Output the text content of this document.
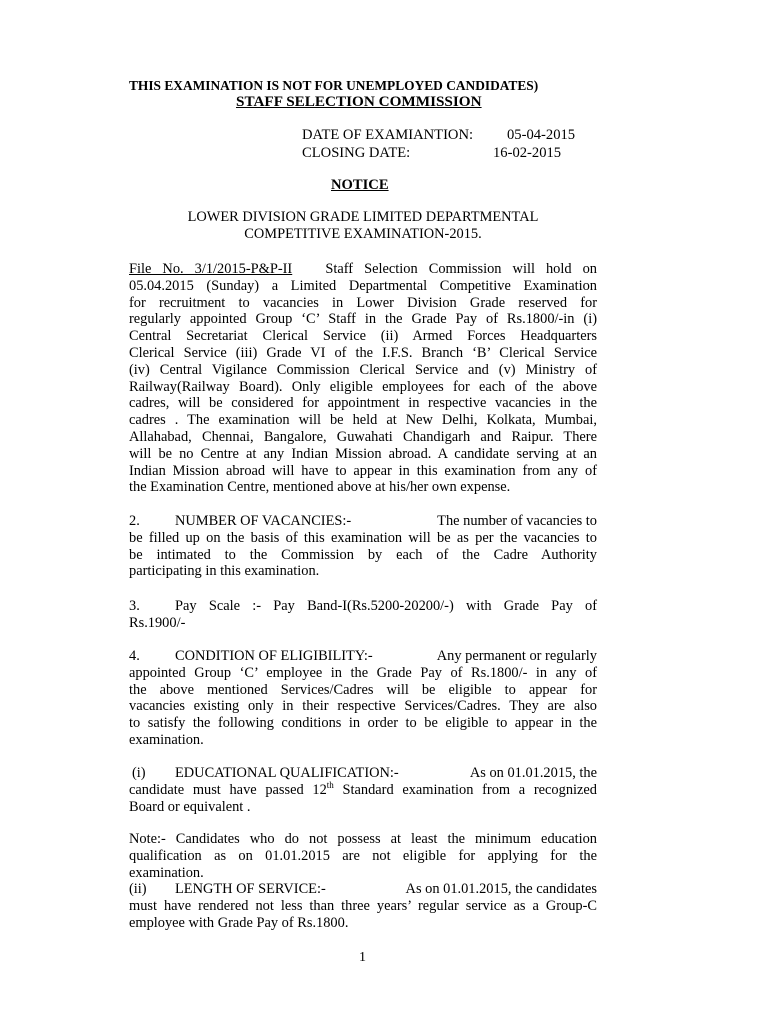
THIS EXAMINATION IS NOT FOR UNEMPLOYED CANDIDATES)
STAFF SELECTION COMMISSION
DATE OF EXAMIANTION: 05-04-2015
CLOSING DATE:	16-02-2015
NOTICE
LOWER DIVISION GRADE LIMITED DEPARTMENTAL
COMPETITIVE EXAMINATION-2015.
File No. 3/1/2015-P&P-II Staff Selection Commission will hold on
05.04.2015 (Sunday) a Limited Departmental Competitive Examination
for recruitment to vacancies in Lower Division Grade reserved for
regularly appointed Group ‘C’ Staff in the Grade Pay of Rs.1800/-in (i)
Central Secretariat Clerical Service (ii) Armed Forces Headquarters
Clerical Service (iii) Grade VI of the I.F.S. Branch ‘B’ Clerical Service
(iv) Central Vigilance Commission Clerical Service and (v) Ministry of
Railway(Railway Board). Only eligible employees for each of the above
cadres, will be considered for appointment in respective vacancies in the
cadres . The examination will be held at New Delhi, Kolkata, Mumbai,
Allahabad, Chennai, Bangalore, Guwahati Chandigarh and Raipur. There
will be no Centre at any Indian Mission abroad. A candidate serving at an
Indian Mission abroad will have to appear in this examination from any of
the Examination Centre, mentioned above at his/her own expense.
2. NUMBER OF VACANCIES:-	The number of vacancies to
be filled up on the basis of this examination will be as per the vacancies to
be intimated to the Commission by each of the Cadre Authority
participating in this examination.
3. Pay Scale :- Pay Band-I(Rs.5200-20200/-) with Grade Pay of
Rs.1900/-
4. CONDITION OF ELIGIBILITY:-	Any permanent or regularly
appointed Group ‘C’ employee in the Grade Pay of Rs.1800/- in any of
the above mentioned Services/Cadres will be eligible to appear for
vacancies existing only in their respective Services/Cadres. They are also
to satisfy the following conditions in order to be eligible to appear in the
examination.
(i) EDUCATIONAL QUALIFICATION:-	As on 01.01.2015, the
candidate must have passed 12th Standard examination from a recognized
Board or equivalent .
Note:- Candidates who do not possess at least the minimum education
qualification as on 01.01.2015 are not eligible for applying for the
examination.
(ii) LENGTH OF SERVICE:-	As on 01.01.2015, the candidates
must have rendered not less than three years’ regular service as a Group-C
employee with Grade Pay of Rs.1800.
1
